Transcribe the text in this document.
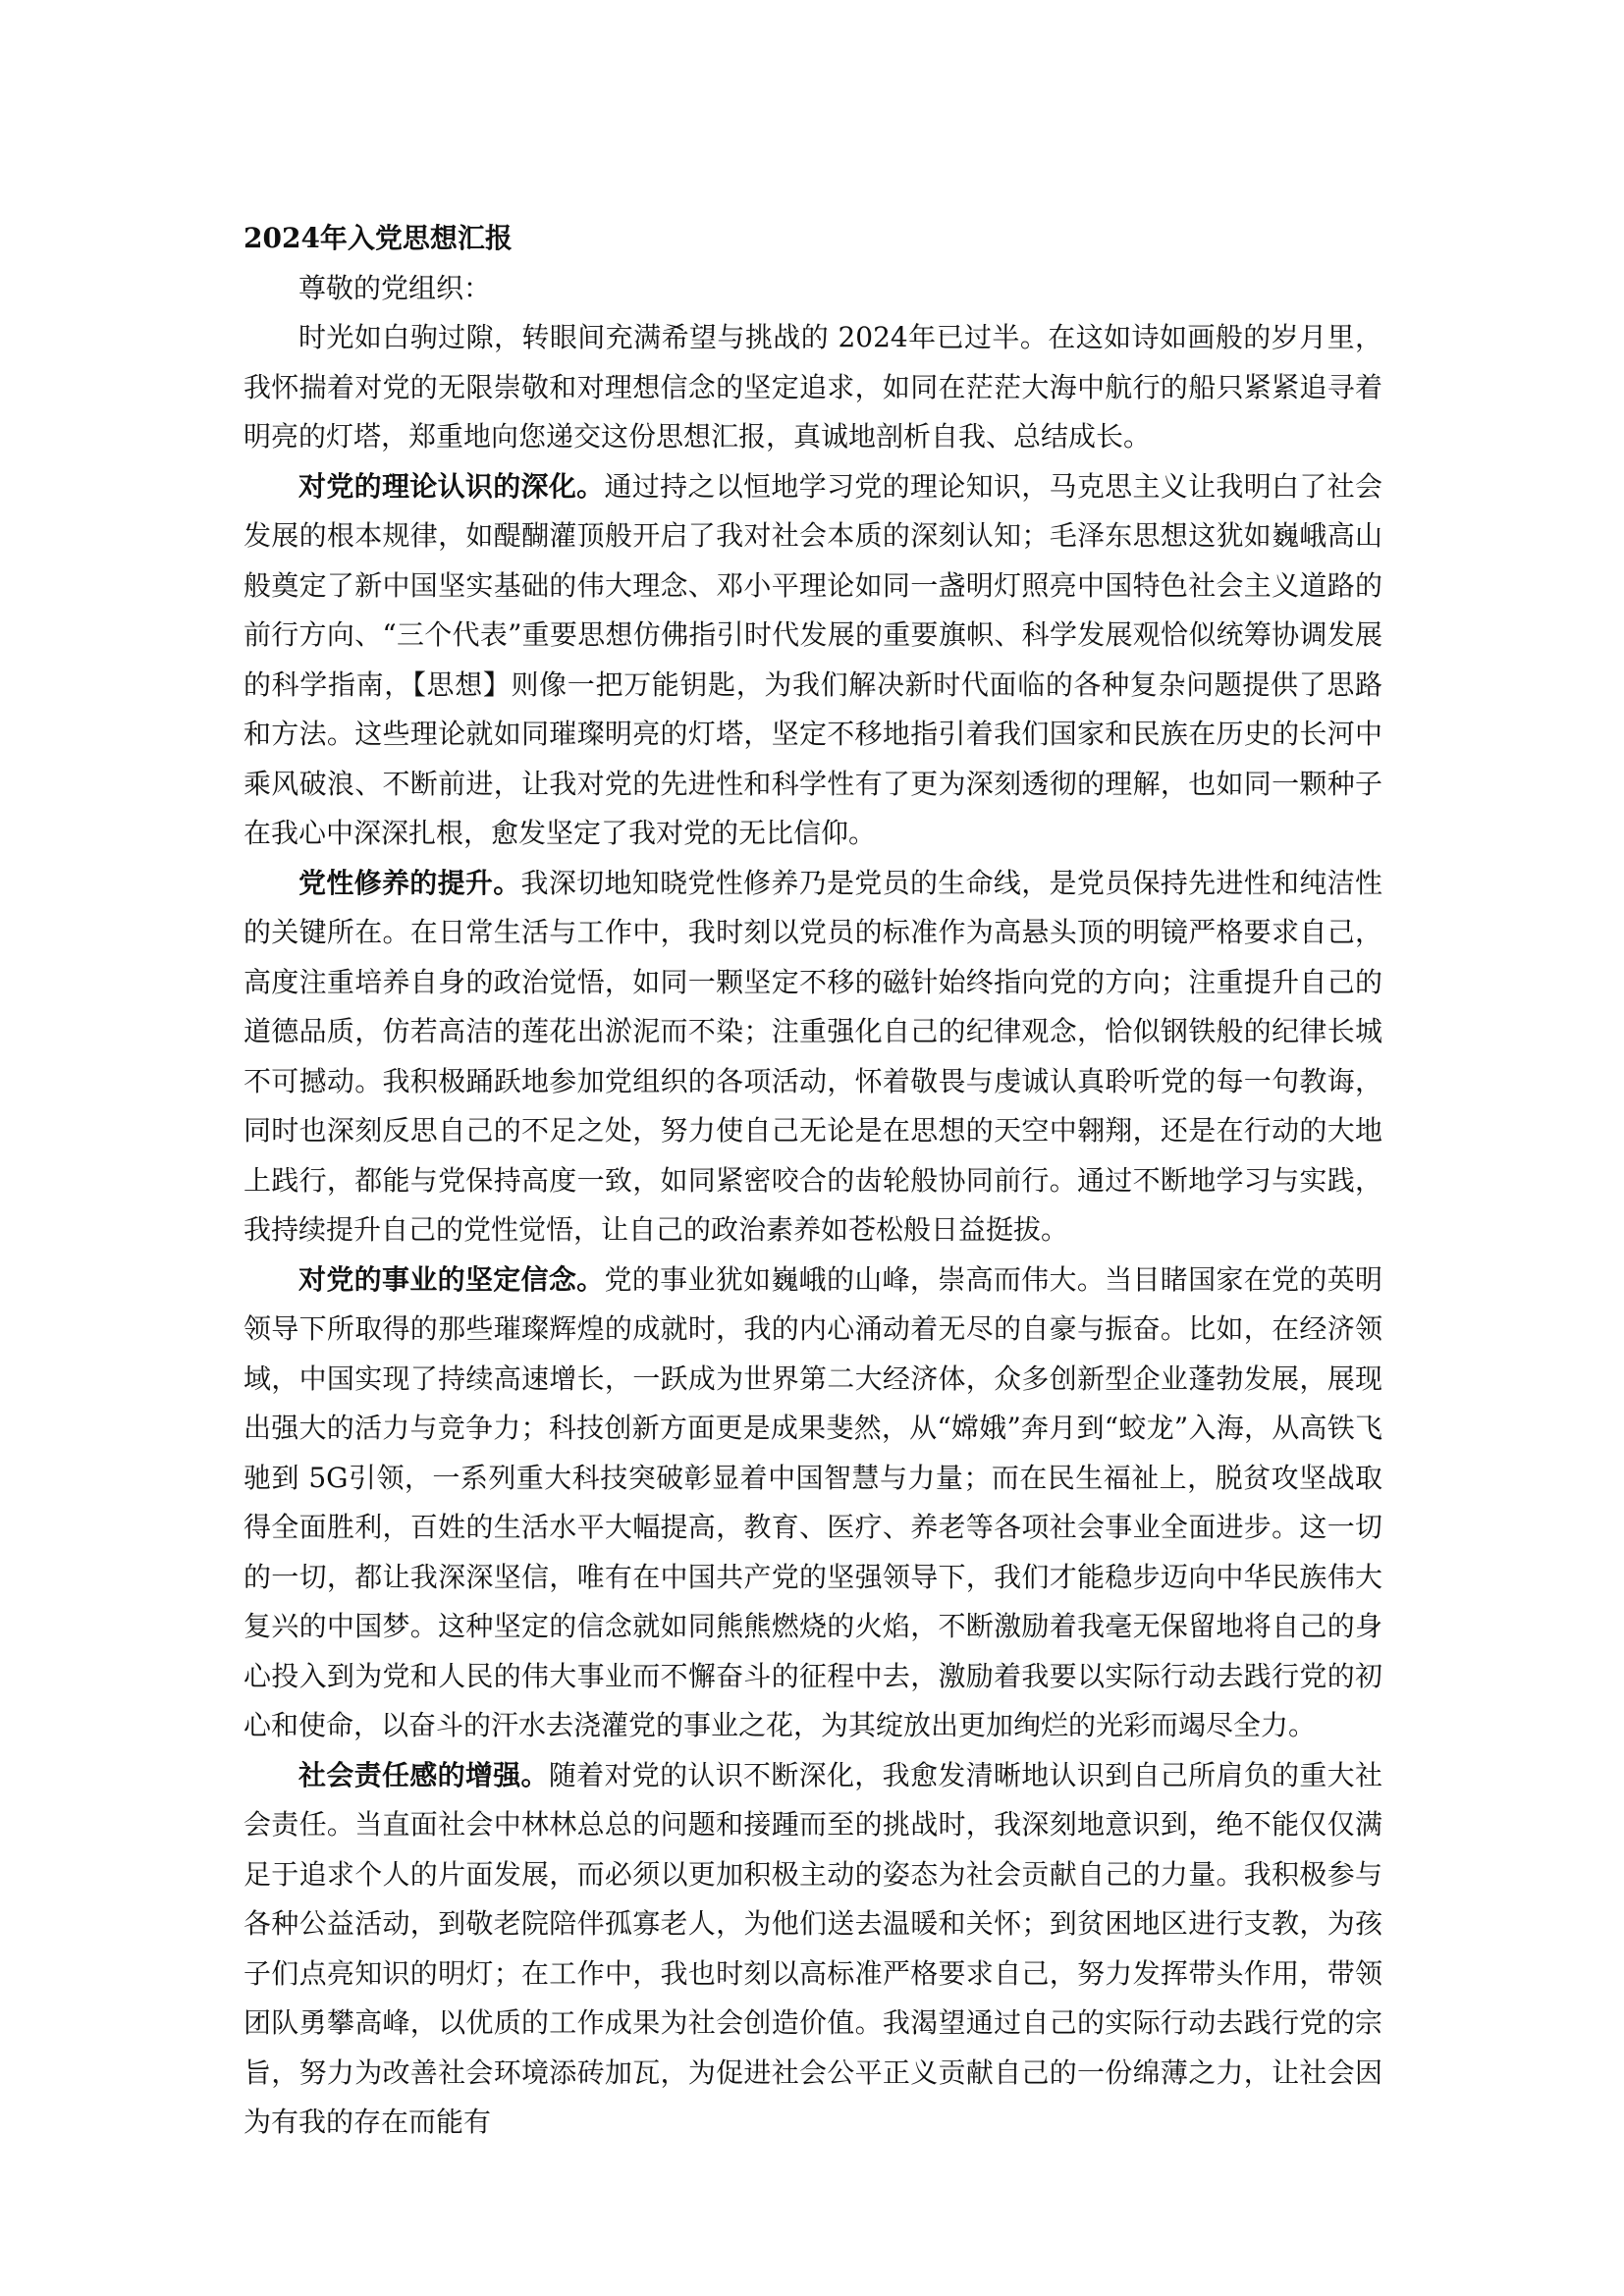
2024年入党思想汇报

尊敬的党组织：

时光如白驹过隙，转眼间充满希望与挑战的 2024年已过半。在这如诗如画般的岁月里，我怀揣着对党的无限崇敬和对理想信念的坚定追求，如同在茫茫大海中航行的船只紧紧追寻着明亮的灯塔，郑重地向您递交这份思想汇报，真诚地剖析自我、总结成长。

对党的理论认识的深化。通过持之以恒地学习党的理论知识，马克思主义让我明白了社会发展的根本规律，如醍醐灌顶般开启了我对社会本质的深刻认知；毛泽东思想这犹如巍峨高山般奠定了新中国坚实基础的伟大理念、邓小平理论如同一盏明灯照亮中国特色社会主义道路的前行方向、“三个代表”重要思想仿佛指引时代发展的重要旗帜、科学发展观恰似统筹协调发展的科学指南，【思想】则像一把万能钥匙，为我们解决新时代面临的各种复杂问题提供了思路和方法。这些理论就如同璀璨明亮的灯塔，坚定不移地指引着我们国家和民族在历史的长河中乘风破浪、不断前进，让我对党的先进性和科学性有了更为深刻透彻的理解，也如同一颗种子在我心中深深扎根，愈发坚定了我对党的无比信仰。

党性修养的提升。我深切地知晓党性修养乃是党员的生命线，是党员保持先进性和纯洁性的关键所在。在日常生活与工作中，我时刻以党员的标准作为高悬头顶的明镜严格要求自己，高度注重培养自身的政治觉悟，如同一颗坚定不移的磁针始终指向党的方向；注重提升自己的道德品质，仿若高洁的莲花出淤泥而不染；注重强化自己的纪律观念，恰似钢铁般的纪律长城不可撼动。我积极踊跃地参加党组织的各项活动，怀着敬畏与虔诚认真聆听党的每一句教诲，同时也深刻反思自己的不足之处，努力使自己无论是在思想的天空中翱翔，还是在行动的大地上践行，都能与党保持高度一致，如同紧密咬合的齿轮般协同前行。通过不断地学习与实践，我持续提升自己的党性觉悟，让自己的政治素养如苍松般日益挺拔。

对党的事业的坚定信念。党的事业犹如巍峨的山峰，崇高而伟大。当目睹国家在党的英明领导下所取得的那些璀璨辉煌的成就时，我的内心涌动着无尽的自豪与振奋。比如，在经济领域，中国实现了持续高速增长，一跃成为世界第二大经济体，众多创新型企业蓬勃发展，展现出强大的活力与竞争力；科技创新方面更是成果斐然，从“嫦娥”奔月到“蛟龙”入海，从高铁飞驰到 5G引领，一系列重大科技突破彰显着中国智慧与力量；而在民生福祉上，脱贫攻坚战取得全面胜利，百姓的生活水平大幅提高，教育、医疗、养老等各项社会事业全面进步。这一切的一切，都让我深深坚信，唯有在中国共产党的坚强领导下，我们才能稳步迈向中华民族伟大复兴的中国梦。这种坚定的信念就如同熊熊燃烧的火焰，不断激励着我毫无保留地将自己的身心投入到为党和人民的伟大事业而不懈奋斗的征程中去，激励着我要以实际行动去践行党的初心和使命，以奋斗的汗水去浇灌党的事业之花，为其绽放出更加绚烂的光彩而竭尽全力。

社会责任感的增强。随着对党的认识不断深化，我愈发清晰地认识到自己所肩负的重大社会责任。当直面社会中林林总总的问题和接踵而至的挑战时，我深刻地意识到，绝不能仅仅满足于追求个人的片面发展，而必须以更加积极主动的姿态为社会贡献自己的力量。我积极参与各种公益活动，到敬老院陪伴孤寡老人，为他们送去温暖和关怀；到贫困地区进行支教，为孩子们点亮知识的明灯；在工作中，我也时刻以高标准严格要求自己，努力发挥带头作用，带领团队勇攀高峰，以优质的工作成果为社会创造价值。我渴望通过自己的实际行动去践行党的宗旨，努力为改善社会环境添砖加瓦，为促进社会公平正义贡献自己的一份绵薄之力，让社会因为有我的存在而能有
